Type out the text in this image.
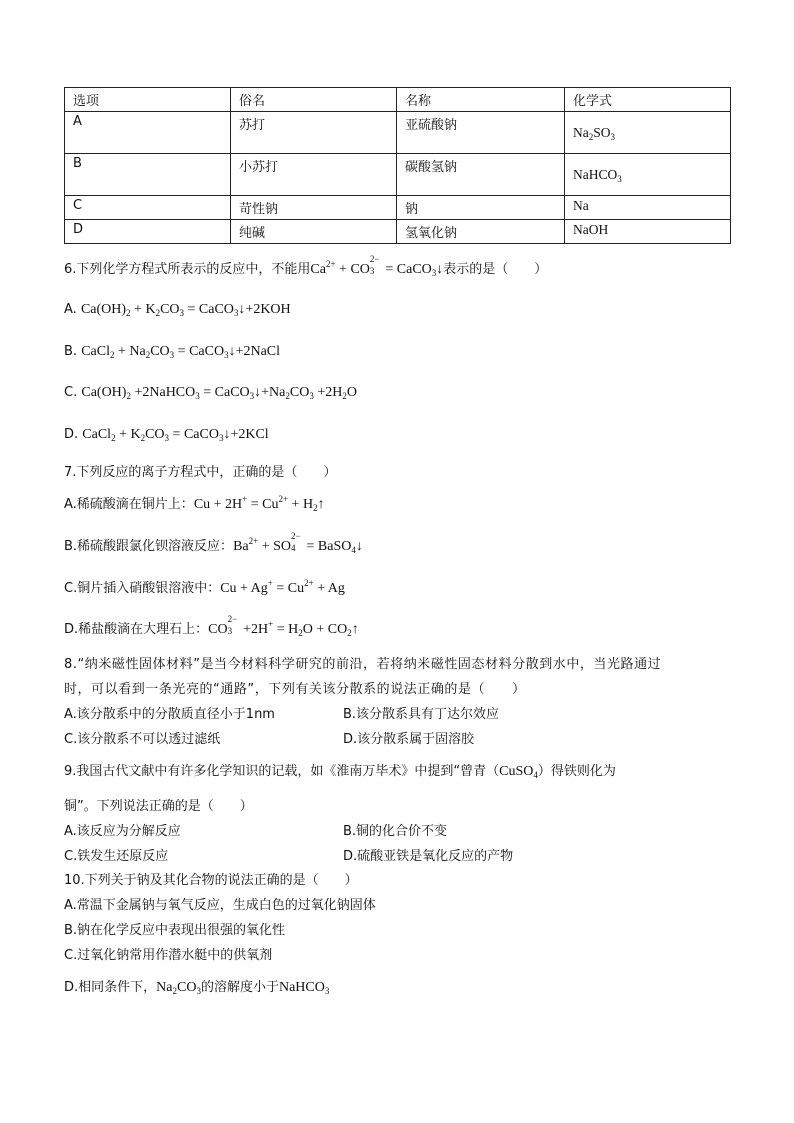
选项	俗名	名称	化学式
A	苏打	亚硫酸钠	$Na_2SO_3$
B	小苏打	碳酸氢钠	NaHCO$_3$
C	苛性钠	钠	Na
D	纯碱	氢氧化钠	NaOH
6.下列化学方程式所表示的反应中，不能用$Ca^{2+}$ + CO
2−
3 = CaCO$_3$↓表示的是（　　）
A. $Ca(OH)_2 + K_2CO_3$ = CaCO$_3$↓+2KOH
B. CaCl$_2$ + $Na_2CO_3$ = CaCO$_3$↓+2NaCl
C. $Ca(OH)_2$ +2NaHCO$_3$ = $CaCO_3↓+Na_2CO_3 +2H_2O$
D. CaCl$_2$ + $K_2CO_3$ = CaCO$_3$↓+2KCl
7.下列反应的离子方程式中，正确的是（　　）
A.稀硫酸滴在铜片上：$Cu + 2H^+ = Cu^{2+}$ + $H_2↑$
B.稀硫酸跟氯化钡溶液反应：$Ba^{2+}$ + SO
2−
4 = BaSO$_4$↓
C.铜片插入硝酸银溶液中：$Cu + Ag^+ = Cu^{2+} + Ag$
D.稀盐酸滴在大理石上：CO
2−
$3 +2H^+ = H_2O$ + $CO_2↑$
8.“纳米磁性固体材料”是当今材料科学研究的前沿，若将纳米磁性固态材料分散到水中，当光路通过
时，可以看到一条光亮的“通路”，下列有关该分散系的说法正确的是（　　）
A.该分散系中的分散质直径小于1nm	B.该分散系具有丁达尔效应
C.该分散系不可以透过滤纸	D.该分散系属于固溶胶
9.我国古代文献中有许多化学知识的记载，如《淮南万毕术》中提到“曾青（CuSO$_4$）得铁则化为
铜”。下列说法正确的是（　　）
A.该反应为分解反应	B.铜的化合价不变
C.铁发生还原反应	D.硫酸亚铁是氧化反应的产物
10.下列关于钠及其化合物的说法正确的是（　　）
A.常温下金属钠与氧气反应，生成白色的过氧化钠固体
B.钠在化学反应中表现出很强的氧化性
C.过氧化钠常用作潜水艇中的供氧剂
D.相同条件下，$Na_2CO_3$的溶解度小于NaHCO$_3$
